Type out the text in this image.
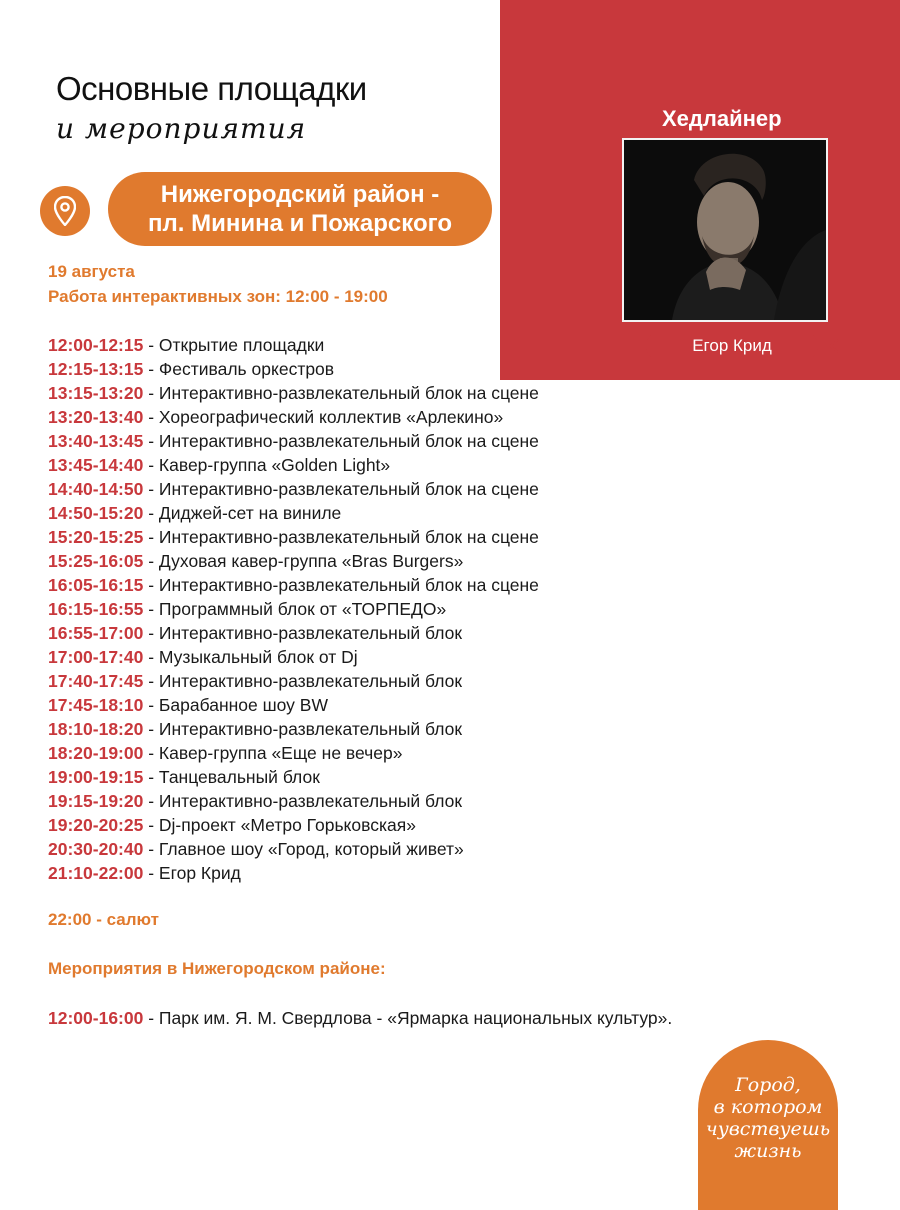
Основные площадки
и мероприятия
Нижегородский район -
пл. Минина и Пожарского

19 августа

Работа интерактивных зон: 12:00 - 19:00

12:00-12:15 - Открытие площадки
12:15-13:15 - Фестиваль оркестров
13:15-13:20 - Интерактивно-развлекательный блок на сцене
13:20-13:40 - Хореографический коллектив «Арлекино»
13:40-13:45 - Интерактивно-развлекательный блок на сцене
13:45-14:40 - Кавер-группа «Golden Light»
14:40-14:50 - Интерактивно-развлекательный блок на сцене
14:50-15:20 - Диджей-сет на виниле
15:20-15:25 - Интерактивно-развлекательный блок на сцене
15:25-16:05 - Духовая кавер-группа «Bras Burgers»
16:05-16:15 - Интерактивно-развлекательный блок на сцене
16:15-16:55 - Программный блок от «ТОРПЕДО»
16:55-17:00 - Интерактивно-развлекательный блок
17:00-17:40 - Музыкальный блок от Dj
17:40-17:45 - Интерактивно-развлекательный блок
17:45-18:10 - Барабанное шоу BW
18:10-18:20 - Интерактивно-развлекательный блок
18:20-19:00 - Кавер-группа «Еще не вечер»
19:00-19:15 - Танцевальный блок
19:15-19:20 - Интерактивно-развлекательный блок
19:20-20:25 - Dj-проект «Метро Горьковская»
20:30-20:40 - Главное шоу «Город, который живет»
21:10-22:00 - Егор Крид

22:00 - салют

Мероприятия в Нижегородском районе:

12:00-16:00 - Парк им. Я. М. Свердлова - «Ярмарка национальных культур».
Хедлайнер
Егор Крид
Город,
в котором
чувствуешь
жизнь
